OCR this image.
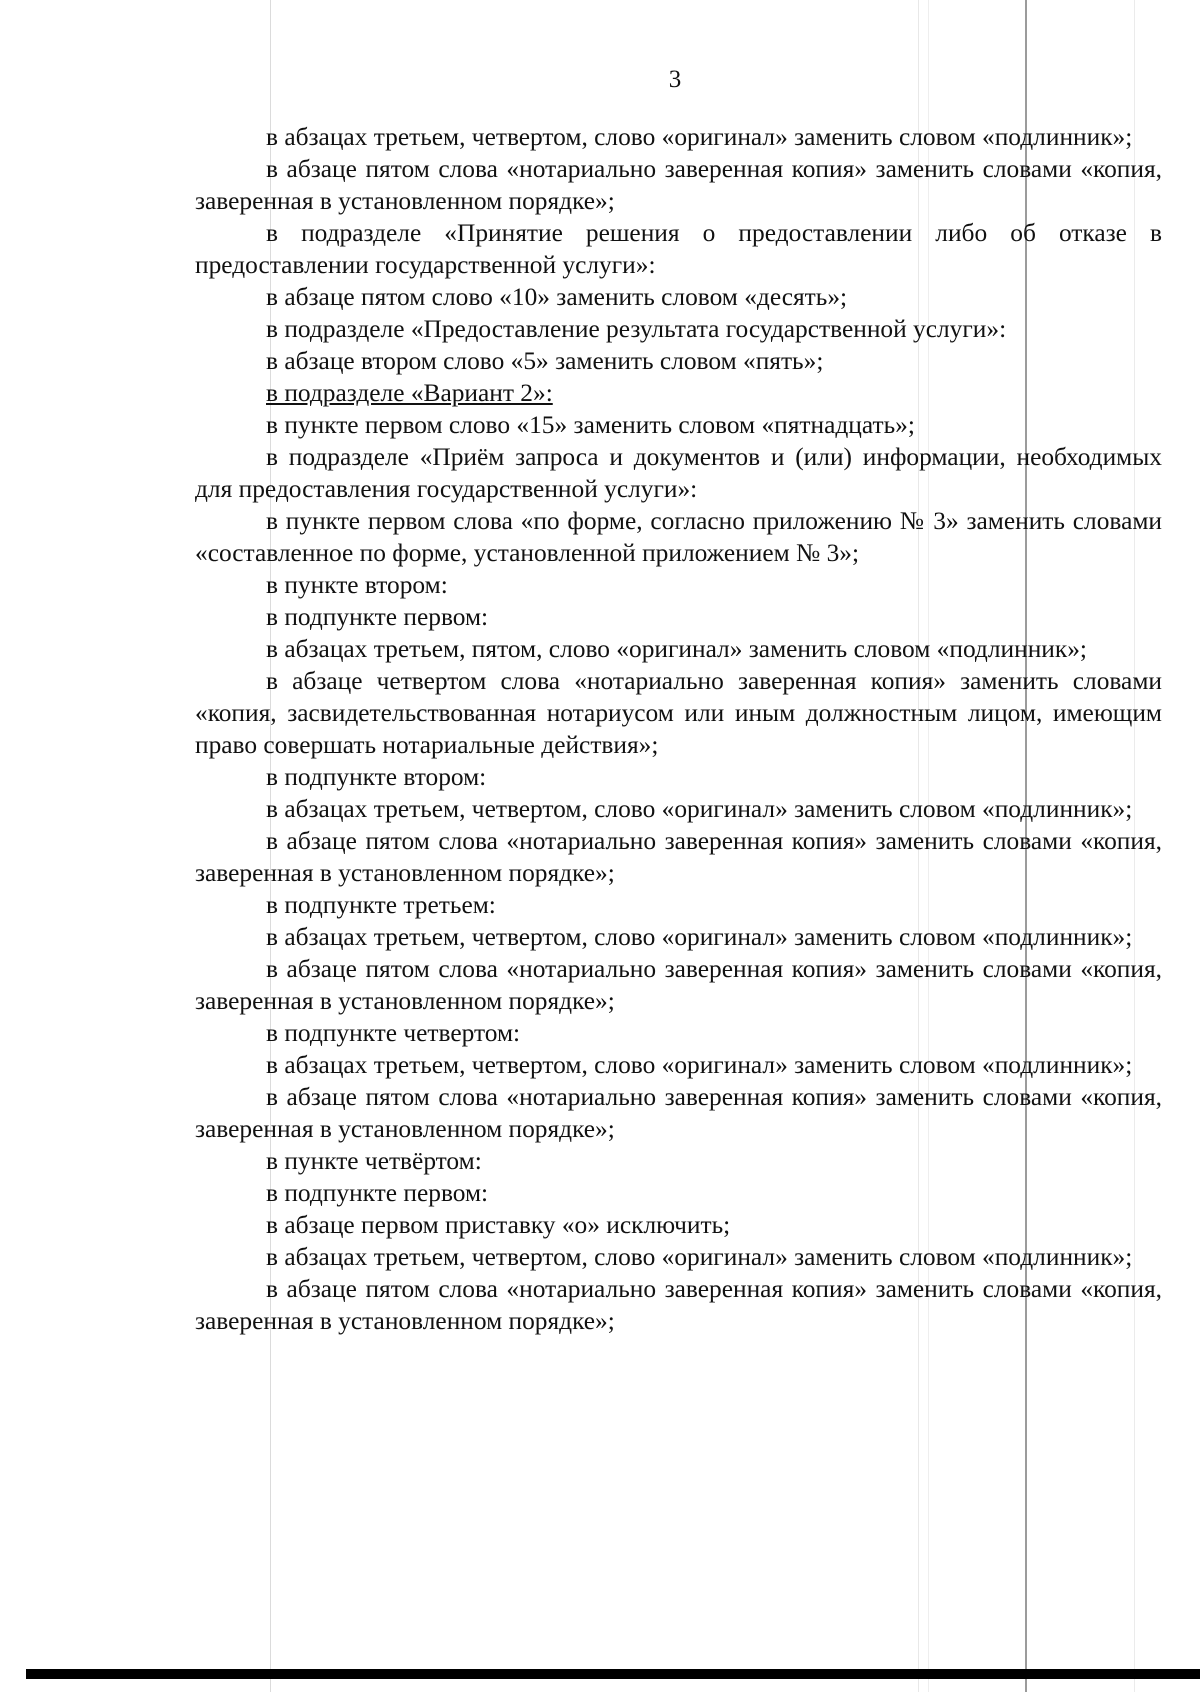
3

в абзацах третьем, четвертом, слово «оригинал» заменить словом «подлинник»;

в абзаце пятом слова «нотариально заверенная копия» заменить словами «копия, заверенная в установленном порядке»;

в подразделе «Принятие решения о предоставлении либо об отказе в предоставлении государственной услуги»:

в абзаце пятом слово «10» заменить словом «десять»;

в подразделе «Предоставление результата государственной услуги»:

в абзаце втором слово «5» заменить словом «пять»;

в подразделе «Вариант 2»:

в пункте первом слово «15» заменить словом «пятнадцать»;

в подразделе «Приём запроса и документов и (или) информации, необходимых для предоставления государственной услуги»:

в пункте первом слова «по форме, согласно приложению № 3» заменить словами «составленное по форме, установленной приложением № 3»;

в пункте втором:

в подпункте первом:

в абзацах третьем, пятом, слово «оригинал» заменить словом «подлинник»;

в абзаце четвертом слова «нотариально заверенная копия» заменить словами «копия, засвидетельствованная нотариусом или иным должностным лицом, имеющим право совершать нотариальные действия»;

в подпункте втором:

в абзацах третьем, четвертом, слово «оригинал» заменить словом «подлинник»;

в абзаце пятом слова «нотариально заверенная копия» заменить словами «копия, заверенная в установленном порядке»;

в подпункте третьем:

в абзацах третьем, четвертом, слово «оригинал» заменить словом «подлинник»;

в абзаце пятом слова «нотариально заверенная копия» заменить словами «копия, заверенная в установленном порядке»;

в подпункте четвертом:

в абзацах третьем, четвертом, слово «оригинал» заменить словом «подлинник»;

в абзаце пятом слова «нотариально заверенная копия» заменить словами «копия, заверенная в установленном порядке»;

в пункте четвёртом:

в подпункте первом:

в абзаце первом приставку «о» исключить;

в абзацах третьем, четвертом, слово «оригинал» заменить словом «подлинник»;

в абзаце пятом слова «нотариально заверенная копия» заменить словами «копия, заверенная в установленном порядке»;
